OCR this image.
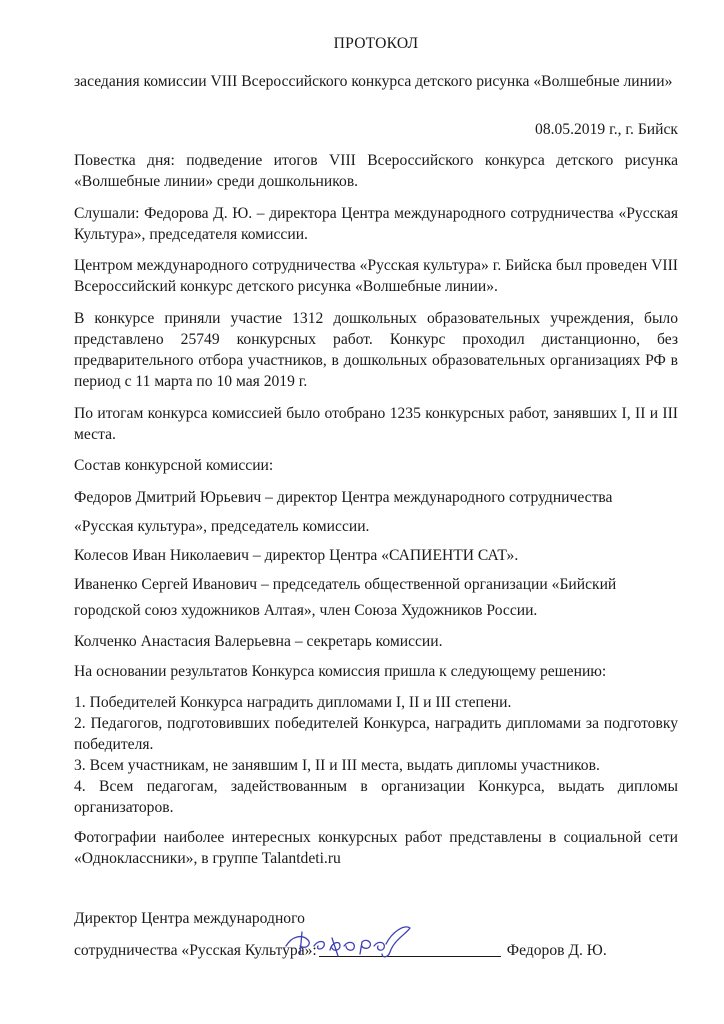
ПРОТОКОЛ
заседания комиссии VIII Всероссийского конкурса детского рисунка «Волшебные линии»
08.05.2019 г., г. Бийск
Повестка дня: подведение итогов VIII Всероссийского конкурса детского рисунка «Волшебные линии» среди дошкольников.
Слушали: Федорова Д. Ю. – директора Центра международного сотрудничества «Русская Культура», председателя комиссии.
Центром международного сотрудничества «Русская культура» г. Бийска был проведен VIII Всероссийский конкурс детского рисунка «Волшебные линии».
В конкурсе приняли участие 1312 дошкольных образовательных учреждения, было представлено 25749 конкурсных работ. Конкурс проходил дистанционно, без предварительного отбора участников, в дошкольных образовательных организациях РФ в период с 11 марта по 10 мая 2019 г.
По итогам конкурса комиссией было отобрано 1235 конкурсных работ, занявших I, II и III места.
Состав конкурсной комиссии:
Федоров Дмитрий Юрьевич – директор Центра международного сотрудничества
«Русская культура», председатель комиссии.
Колесов Иван Николаевич – директор Центра «САПИЕНТИ САТ».
Иваненко Сергей Иванович – председатель общественной организации «Бийский
городской союз художников Алтая», член Союза Художников России.
Колченко Анастасия Валерьевна – секретарь комиссии.
На основании результатов Конкурса комиссия пришла к следующему решению:
1. Победителей Конкурса наградить дипломами I, II и III степени.
2. Педагогов, подготовивших победителей Конкурса, наградить дипломами за подготовку победителя.
3. Всем участникам, не занявшим I, II и III места, выдать дипломы участников.
4. Всем педагогам, задействованным в организации Конкурса, выдать дипломы организаторов.
Фотографии наиболее интересных конкурсных работ представлены в социальной сети «Одноклассники», в группе Talantdeti.ru
Директор Центра международного
сотрудничества «Русская Культура»:	Федоров Д. Ю.
